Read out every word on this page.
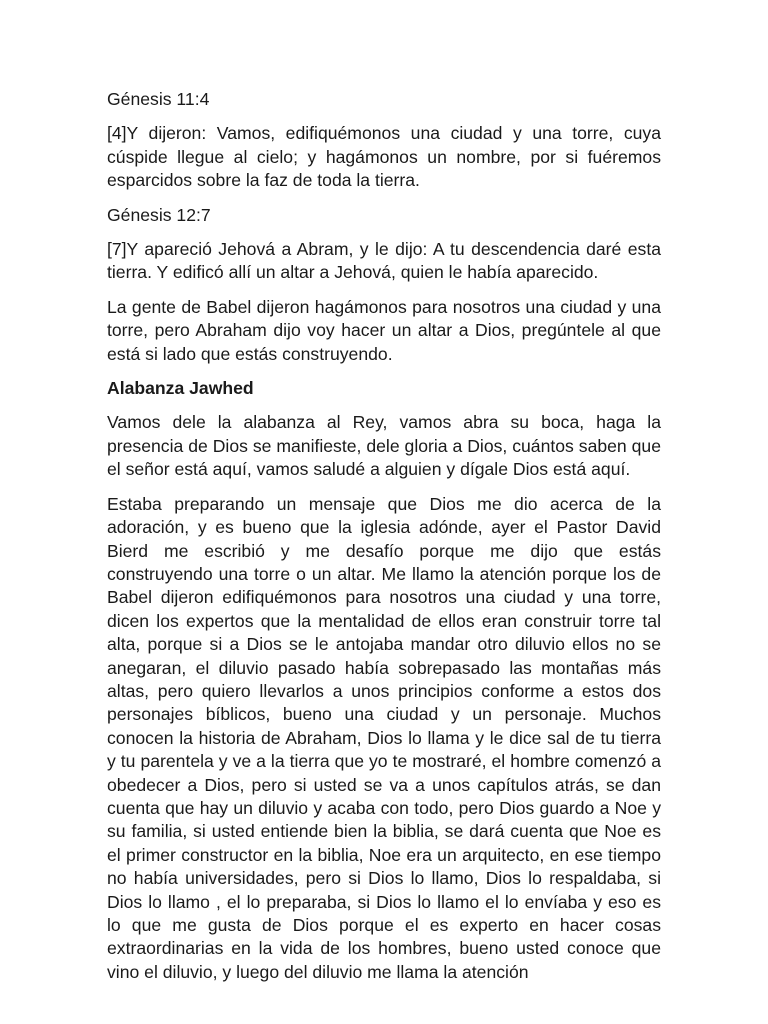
Génesis 11:4

[4]Y dijeron: Vamos, edifiquémonos una ciudad y una torre, cuya cúspide llegue al cielo; y hagámonos un nombre, por si fuéremos esparcidos sobre la faz de toda la tierra.

Génesis 12:7

[7]Y apareció Jehová a Abram, y le dijo: A tu descendencia daré esta tierra. Y edificó allí un altar a Jehová, quien le había aparecido.

La gente de Babel dijeron hagámonos para nosotros una ciudad y una torre, pero Abraham dijo voy hacer un altar a Dios, pregúntele al que está si lado que estás construyendo.

Alabanza Jawhed

Vamos dele la alabanza al Rey, vamos abra su boca, haga la presencia de Dios se manifieste, dele gloria a Dios, cuántos saben que el señor está aquí, vamos saludé a alguien y dígale Dios está aquí.

Estaba preparando un mensaje que Dios me dio acerca de la adoración, y es bueno que la iglesia adónde, ayer el Pastor David Bierd me escribió y me desafío porque me dijo que estás construyendo una torre o un altar. Me llamo la atención porque los de Babel dijeron edifiquémonos para nosotros una ciudad y una torre, dicen los expertos que la mentalidad de ellos eran construir torre tal alta, porque si a Dios se le antojaba mandar otro diluvio ellos no se anegaran, el diluvio pasado había sobrepasado las montañas más altas, pero quiero llevarlos a unos principios conforme a estos dos personajes bíblicos, bueno una ciudad y un personaje. Muchos conocen la historia de Abraham, Dios lo llama y le dice sal de tu tierra y tu parentela y ve a la tierra que yo te mostraré, el hombre comenzó a obedecer a Dios, pero si usted se va a unos capítulos atrás, se dan cuenta que hay un diluvio y acaba con todo, pero Dios guardo a Noe y su familia, si usted entiende bien la biblia, se dará cuenta que Noe es el primer constructor en la biblia, Noe era un arquitecto, en ese tiempo no había universidades, pero si Dios lo llamo, Dios lo respaldaba, si Dios lo llamo , el lo preparaba, si Dios lo llamo el lo envíaba y eso es lo que me gusta de Dios porque el es experto en hacer cosas extraordinarias en la vida de los hombres, bueno usted conoce que vino el diluvio, y luego del diluvio me llama la atención
